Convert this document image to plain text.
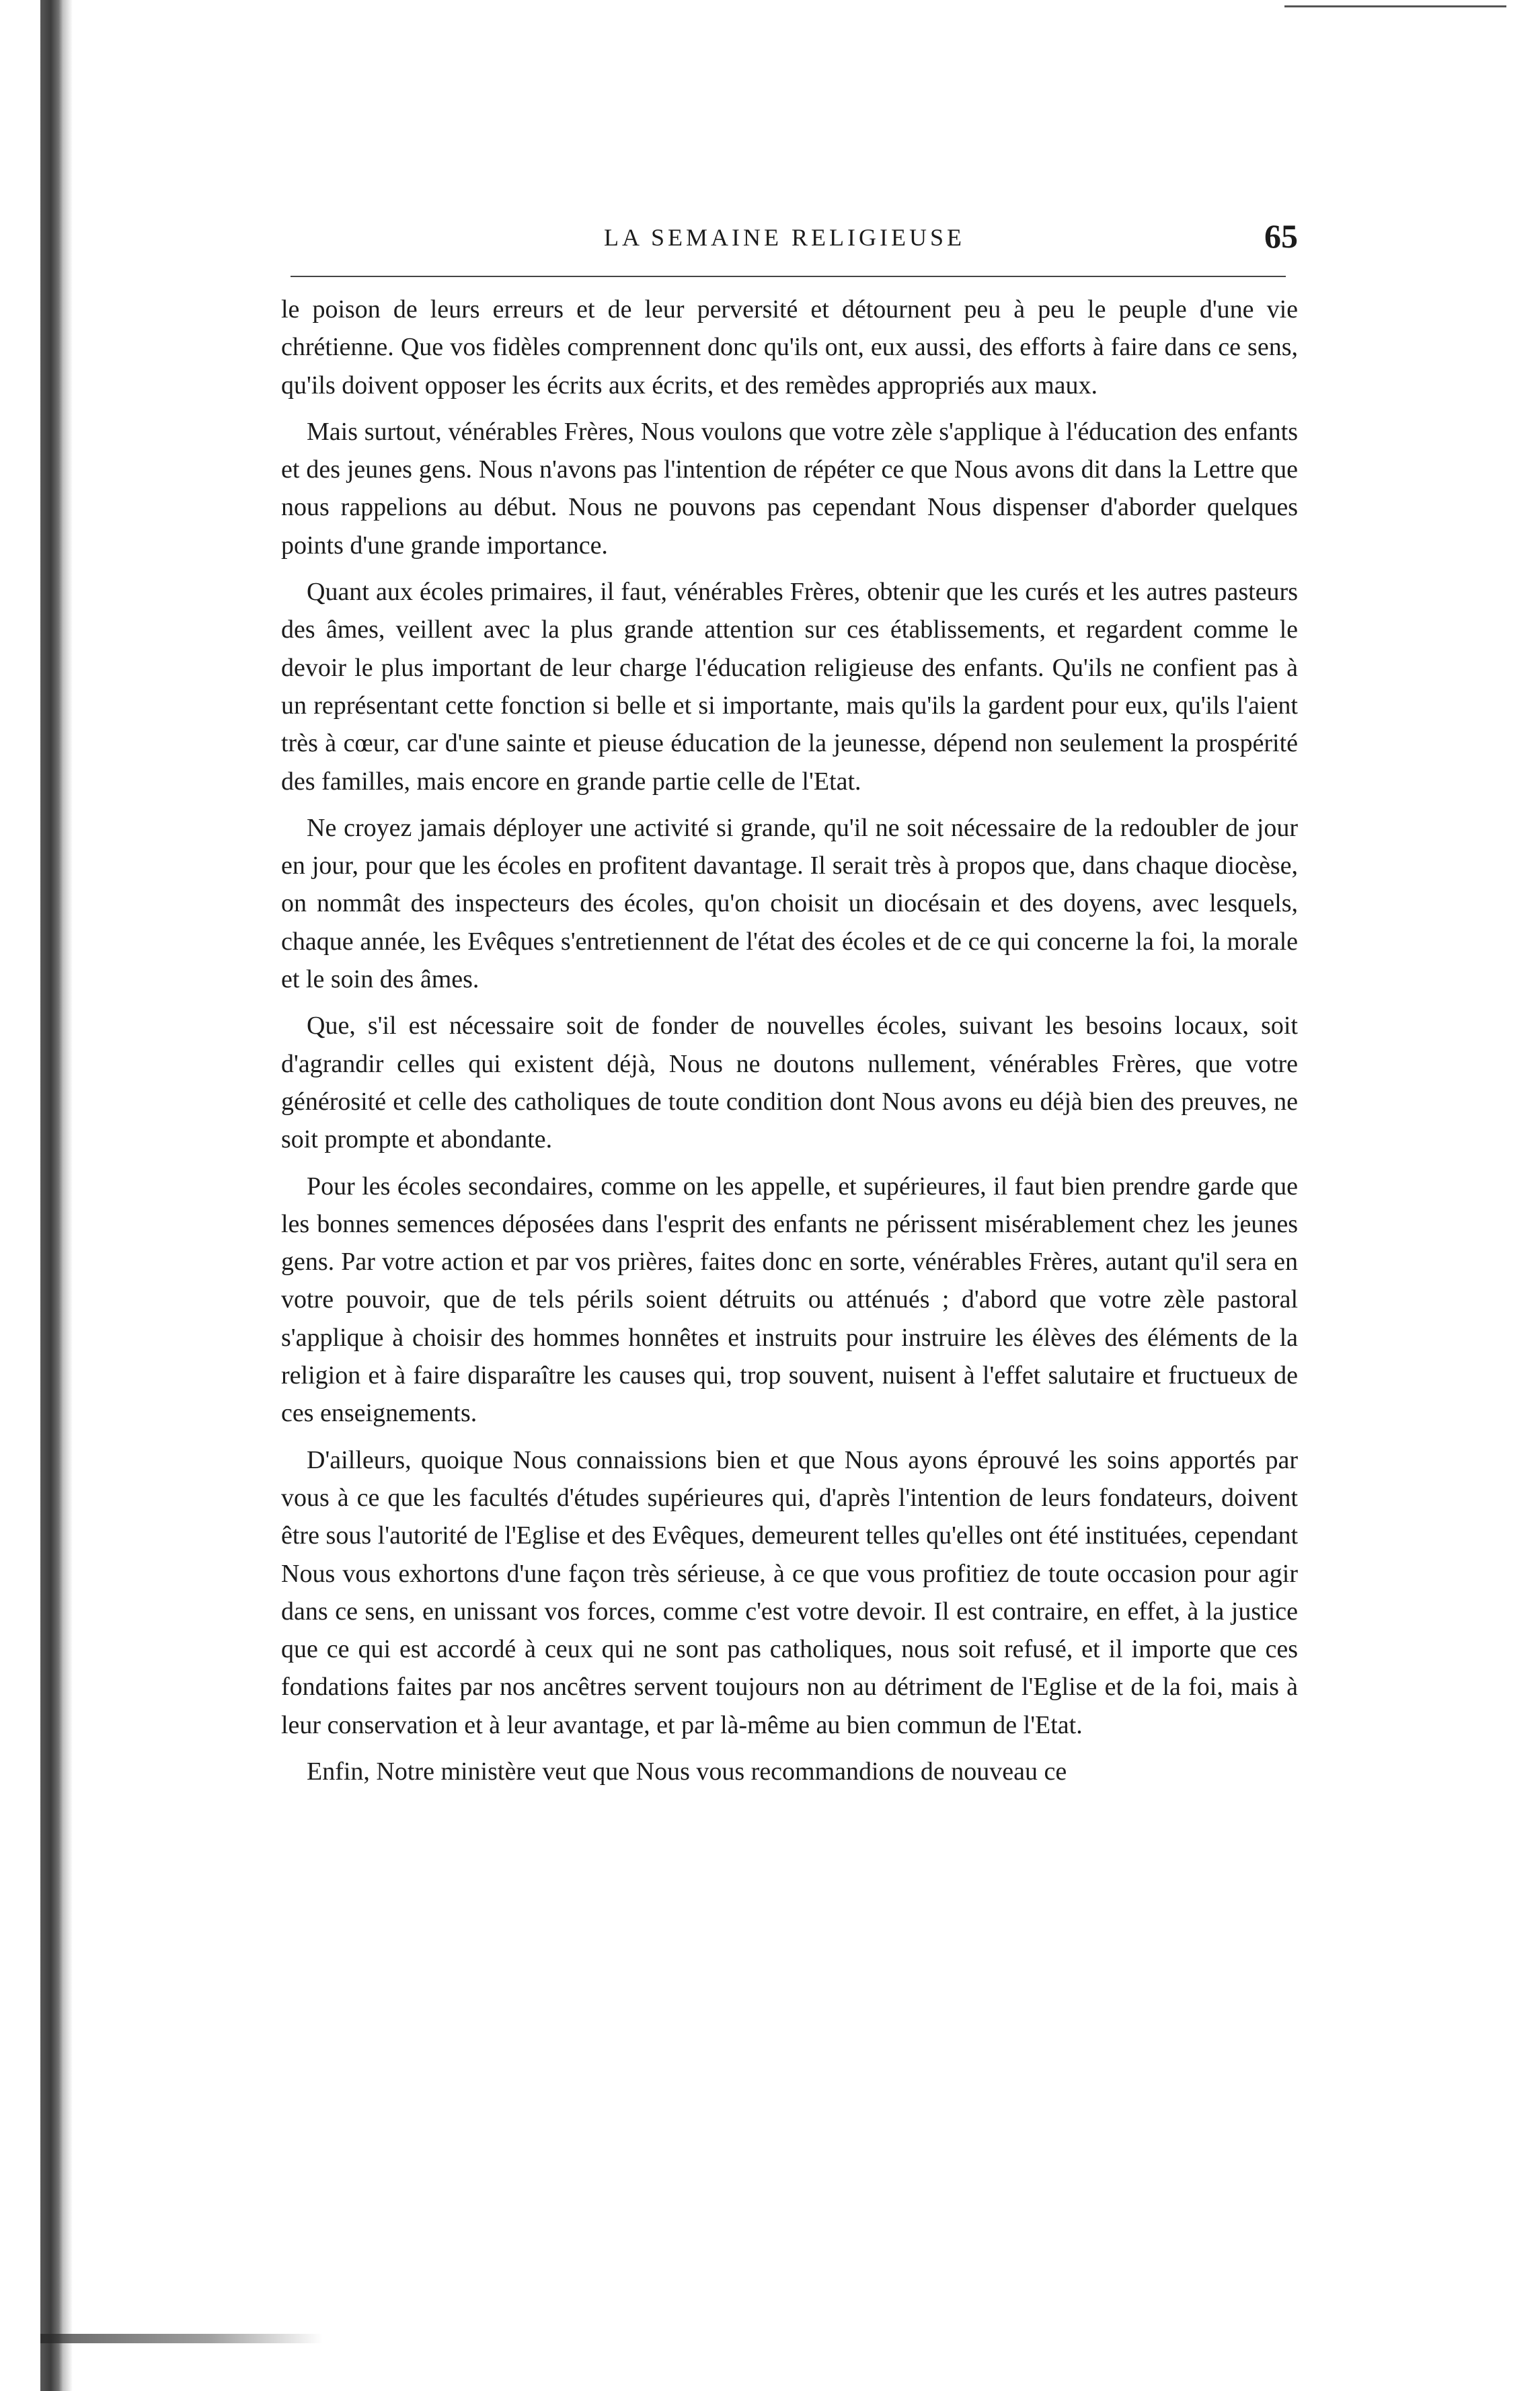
LA SEMAINE RELIGIEUSE	65

le poison de leurs erreurs et de leur perversité et détournent peu à peu le peuple d'une vie chrétienne. Que vos fidèles comprennent donc qu'ils ont, eux aussi, des efforts à faire dans ce sens, qu'ils doivent opposer les écrits aux écrits, et des remèdes appropriés aux maux.

Mais surtout, vénérables Frères, Nous voulons que votre zèle s'applique à l'éducation des enfants et des jeunes gens. Nous n'avons pas l'intention de répéter ce que Nous avons dit dans la Lettre que nous rappelions au début. Nous ne pouvons pas cependant Nous dispenser d'aborder quelques points d'une grande importance.

Quant aux écoles primaires, il faut, vénérables Frères, obtenir que les curés et les autres pasteurs des âmes, veillent avec la plus grande attention sur ces établissements, et regardent comme le devoir le plus important de leur charge l'éducation religieuse des enfants. Qu'ils ne confient pas à un représentant cette fonction si belle et si importante, mais qu'ils la gardent pour eux, qu'ils l'aient très à cœur, car d'une sainte et pieuse éducation de la jeunesse, dépend non seulement la prospérité des familles, mais encore en grande partie celle de l'Etat.

Ne croyez jamais déployer une activité si grande, qu'il ne soit nécessaire de la redoubler de jour en jour, pour que les écoles en profitent davantage. Il serait très à propos que, dans chaque diocèse, on nommât des inspecteurs des écoles, qu'on choisit un diocésain et des doyens, avec lesquels, chaque année, les Evêques s'entretiennent de l'état des écoles et de ce qui concerne la foi, la morale et le soin des âmes.

Que, s'il est nécessaire soit de fonder de nouvelles écoles, suivant les besoins locaux, soit d'agrandir celles qui existent déjà, Nous ne doutons nullement, vénérables Frères, que votre générosité et celle des catholiques de toute condition dont Nous avons eu déjà bien des preuves, ne soit prompte et abondante.

Pour les écoles secondaires, comme on les appelle, et supérieures, il faut bien prendre garde que les bonnes semences déposées dans l'esprit des enfants ne périssent misérablement chez les jeunes gens. Par votre action et par vos prières, faites donc en sorte, vénérables Frères, autant qu'il sera en votre pouvoir, que de tels périls soient détruits ou atténués ; d'abord que votre zèle pastoral s'applique à choisir des hommes honnêtes et instruits pour instruire les élèves des éléments de la religion et à faire disparaître les causes qui, trop souvent, nuisent à l'effet salutaire et fructueux de ces enseignements.

D'ailleurs, quoique Nous connaissions bien et que Nous ayons éprouvé les soins apportés par vous à ce que les facultés d'études supérieures qui, d'après l'intention de leurs fondateurs, doivent être sous l'autorité de l'Eglise et des Evêques, demeurent telles qu'elles ont été instituées, cependant Nous vous exhortons d'une façon très sérieuse, à ce que vous profitiez de toute occasion pour agir dans ce sens, en unissant vos forces, comme c'est votre devoir. Il est contraire, en effet, à la justice que ce qui est accordé à ceux qui ne sont pas catholiques, nous soit refusé, et il importe que ces fondations faites par nos ancêtres servent toujours non au détriment de l'Eglise et de la foi, mais à leur conservation et à leur avantage, et par là-même au bien commun de l'Etat.

Enfin, Notre ministère veut que Nous vous recommandions de nouveau ce
